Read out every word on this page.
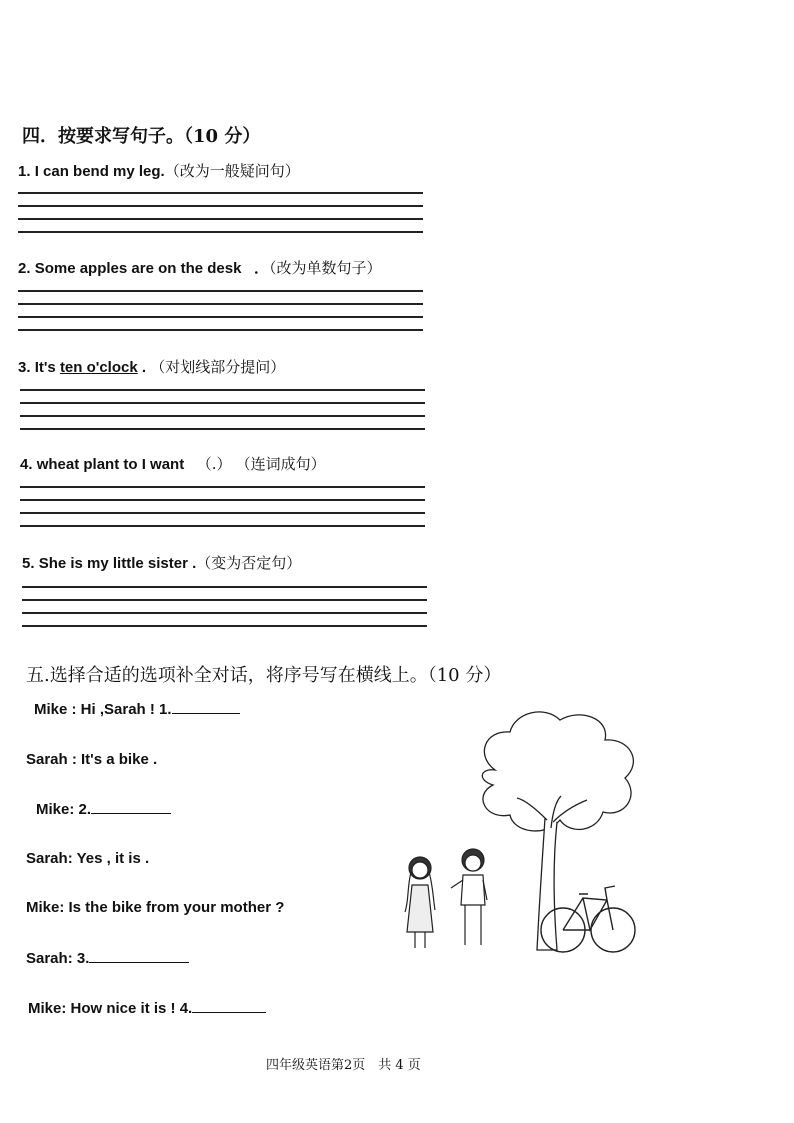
四．按要求写句子。（10 分）
1. I can bend my leg.（改为一般疑问句）
2. Some apples are on the desk ．（改为单数句子）
3. It's ten o'clock . （对划线部分提问）
4. wheat plant to I want （.） （连词成句）
5. She is my little sister .（变为否定句）
五.选择合适的选项补全对话，将序号写在横线上。（10 分）
Mike : Hi ,Sarah ! 1.
Sarah : It's a bike .
Mike: 2.
Sarah: Yes , it is .
Mike: Is the bike from your mother ?
Sarah: 3.
Mike: How nice it is ! 4.
四年级英语第2页　共 4 页
